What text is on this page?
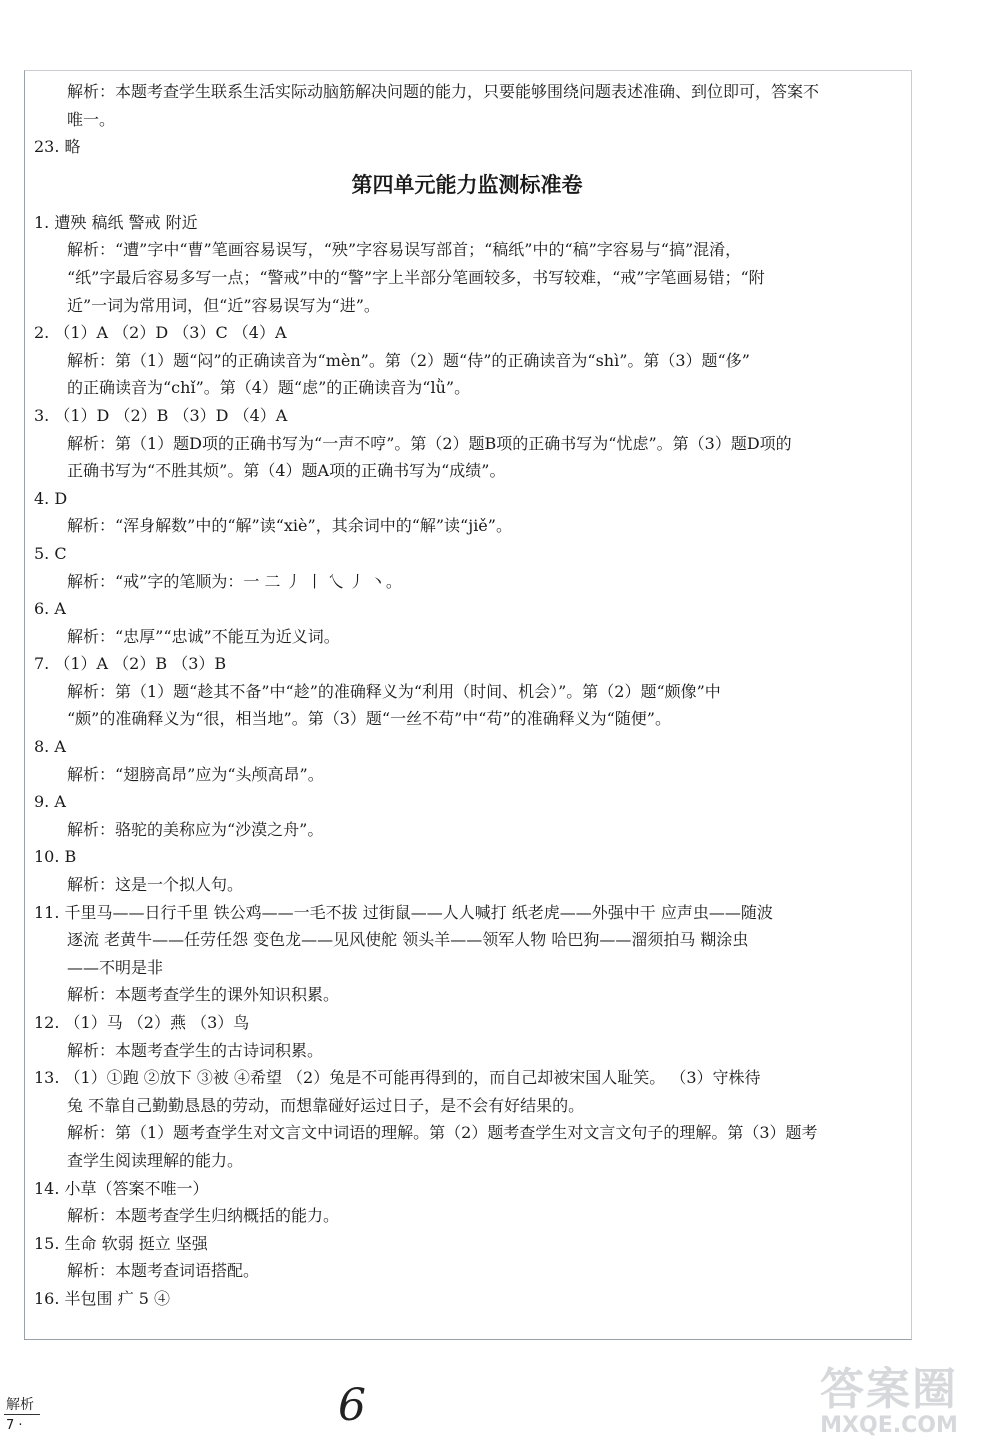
解析：本题考查学生联系生活实际动脑筋解决问题的能力，只要能够围绕问题表述准确、到位即可，答案不
唯一。
23. 略
第四单元能力监测标准卷
1. 遭殃 稿纸 警戒 附近
解析：“遭”字中“曹”笔画容易误写，“殃”字容易误写部首；“稿纸”中的“稿”字容易与“搞”混淆，
“纸”字最后容易多写一点；“警戒”中的“警”字上半部分笔画较多，书写较难，“戒”字笔画易错；“附
近”一词为常用词，但“近”容易误写为“进”。
2. （1）A （2）D （3）C （4）A
解析：第（1）题“闷”的正确读音为“mèn”。第（2）题“侍”的正确读音为“shì”。第（3）题“侈”
的正确读音为“chǐ”。第（4）题“虑”的正确读音为“lǜ”。
3. （1）D （2）B （3）D （4）A
解析：第（1）题D项的正确书写为“一声不哼”。第（2）题B项的正确书写为“忧虑”。第（3）题D项的
正确书写为“不胜其烦”。第（4）题A项的正确书写为“成绩”。
4. D
解析：“浑身解数”中的“解”读“xiè”，其余词中的“解”读“jiě”。
5. C
解析：“戒”字的笔顺为：一 二 丿 丨 乀 丿 丶。
6. A
解析：“忠厚”“忠诚”不能互为近义词。
7. （1）A （2）B （3）B
解析：第（1）题“趁其不备”中“趁”的准确释义为“利用（时间、机会）”。第（2）题“颇像”中
“颇”的准确释义为“很，相当地”。第（3）题“一丝不苟”中“苟”的准确释义为“随便”。
8. A
解析：“翅膀高昂”应为“头颅高昂”。
9. A
解析：骆驼的美称应为“沙漠之舟”。
10. B
解析：这是一个拟人句。
11. 千里马——日行千里 铁公鸡——一毛不拔 过街鼠——人人喊打 纸老虎——外强中干 应声虫——随波
逐流 老黄牛——任劳任怨 变色龙——见风使舵 领头羊——领军人物 哈巴狗——溜须拍马 糊涂虫
——不明是非
解析：本题考查学生的课外知识积累。
12. （1）马 （2）燕 （3）鸟
解析：本题考查学生的古诗词积累。
13. （1）①跑 ②放下 ③被 ④希望 （2）兔是不可能再得到的，而自己却被宋国人耻笑。 （3）守株待
兔 不靠自己勤勤恳恳的劳动，而想靠碰好运过日子，是不会有好结果的。
解析：第（1）题考查学生对文言文中词语的理解。第（2）题考查学生对文言文句子的理解。第（3）题考
查学生阅读理解的能力。
14. 小草（答案不唯一）
解析：本题考查学生归纳概括的能力。
15. 生命 软弱 挺立 坚强
解析：本题考查词语搭配。
16. 半包围 疒 5 ④
解析
7 ·	6	答案圈
MXQE.COM
